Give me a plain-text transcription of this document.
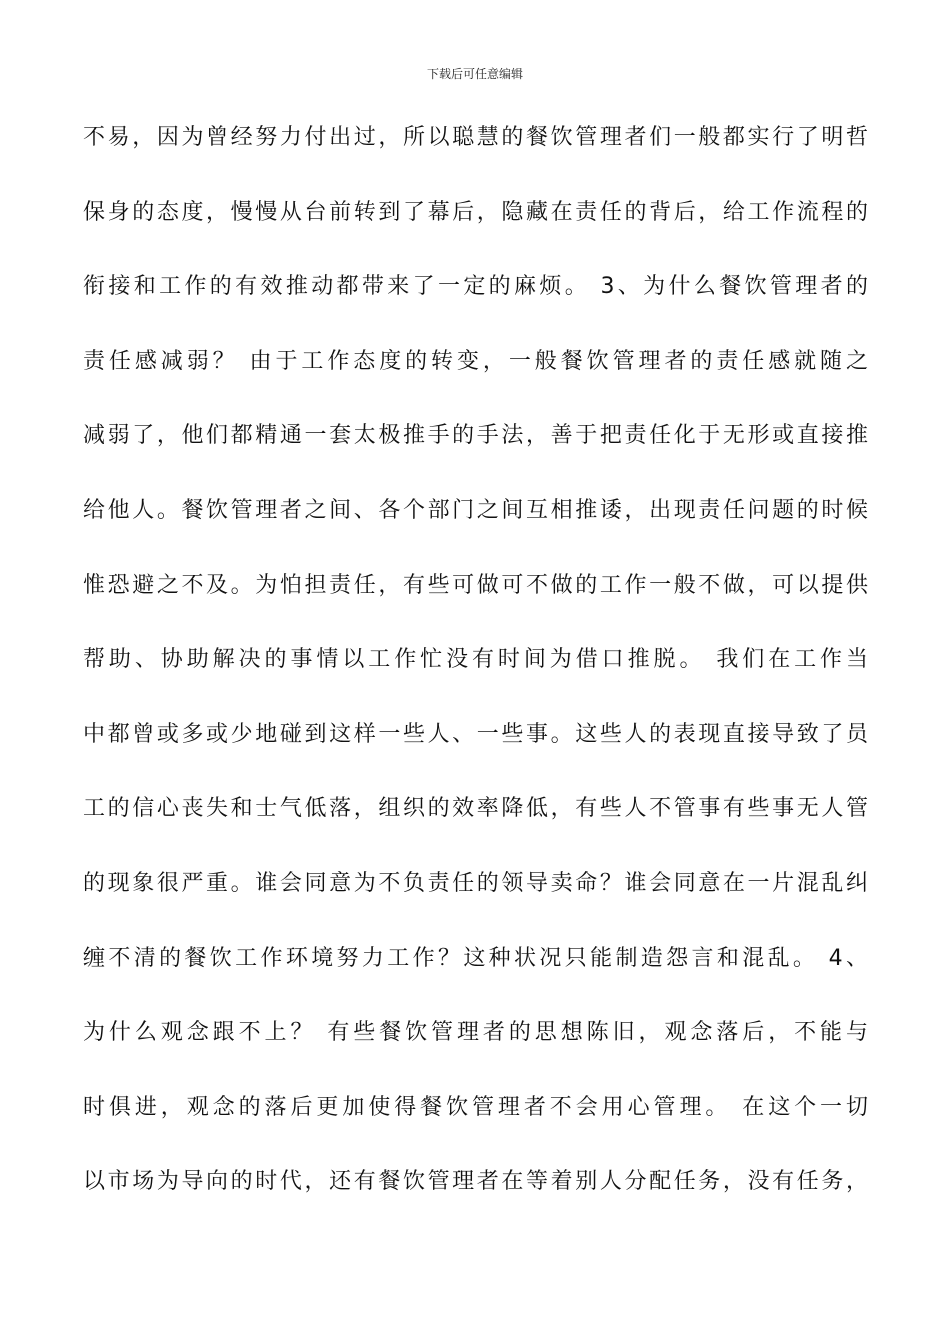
下载后可任意编辑
不易，因为曾经努力付出过，所以聪慧的餐饮管理者们一般都实行了明哲
保身的态度，慢慢从台前转到了幕后，隐藏在责任的背后，给工作流程的
衔接和工作的有效推动都带来了一定的麻烦。 3、为什么餐饮管理者的
责任感减弱？ 由于工作态度的转变，一般餐饮管理者的责任感就随之
减弱了，他们都精通一套太极推手的手法，善于把责任化于无形或直接推
给他人。餐饮管理者之间、各个部门之间互相推诿，出现责任问题的时候
惟恐避之不及。为怕担责任，有些可做可不做的工作一般不做，可以提供
帮助、协助解决的事情以工作忙没有时间为借口推脱。 我们在工作当
中都曾或多或少地碰到这样一些人、一些事。这些人的表现直接导致了员
工的信心丧失和士气低落，组织的效率降低，有些人不管事有些事无人管
的现象很严重。谁会同意为不负责任的领导卖命？谁会同意在一片混乱纠
缠不清的餐饮工作环境努力工作？这种状况只能制造怨言和混乱。 4、
为什么观念跟不上？ 有些餐饮管理者的思想陈旧，观念落后，不能与
时俱进，观念的落后更加使得餐饮管理者不会用心管理。 在这个一切
以市场为导向的时代，还有餐饮管理者在等着别人分配任务，没有任务，
